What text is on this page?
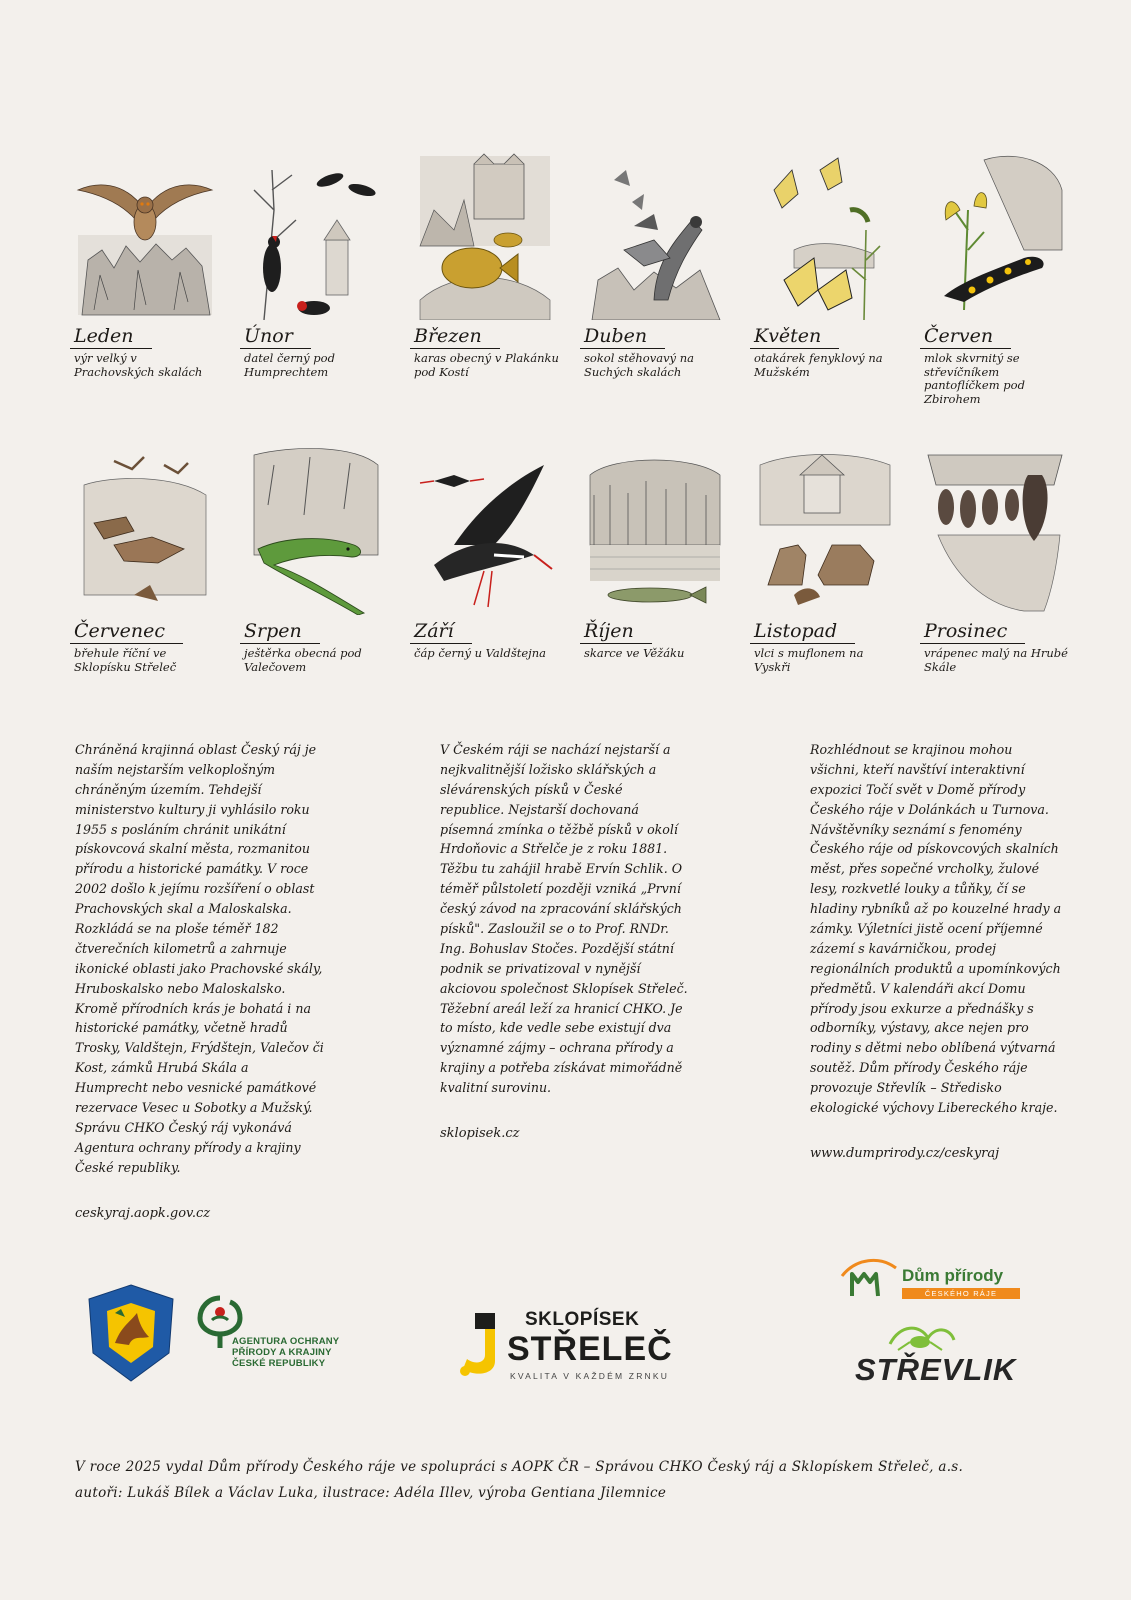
Leden
výr velký v Prachovských skalách
Únor
datel černý pod Humprechtem
Březen
karas obecný v Plakánku pod Kostí
Duben
sokol stěhovavý na Suchých skalách
Květen
otakárek fenyklový na Mužském
Červen
mlok skvrnitý se střevíčníkem pantoflíčkem pod Zbirohem
Červenec
břehule říční ve Sklopísku Střeleč
Srpen
ještěrka obecná pod Valečovem
Září
čáp černý u Valdštejna
Říjen
skarce ve Věžáku
Listopad
vlci s muflonem na Vyskři
Prosinec
vrápenec malý na Hrubé Skále

Chráněná krajinná oblast Český ráj je naším nejstarším velkoplošným chráněným územím. Tehdejší ministerstvo kultury ji vyhlásilo roku 1955 s posláním chránit unikátní pískovcová skalní města, rozmanitou přírodu a historické památky. V roce 2002 došlo k jejímu rozšíření o oblast Prachovských skal a Maloskalska. Rozkládá se na ploše téměř 182 čtverečních kilometrů a zahrnuje ikonické oblasti jako Prachovské skály, Hruboskalsko nebo Maloskalsko. Kromě přírodních krás je bohatá i na historické památky, včetně hradů Trosky, Valdštejn, Frýdštejn, Valečov či Kost, zámků Hrubá Skála a Humprecht nebo vesnické památkové rezervace Vesec u Sobotky a Mužský. Správu CHKO Český ráj vykonává Agentura ochrany přírody a krajiny České republiky.

ceskyraj.aopk.gov.cz

V Českém ráji se nachází nejstarší a nejkvalitnější ložisko sklářských a slévárenských písků v České republice. Nejstarší dochovaná písemná zmínka o těžbě písků v okolí Hrdoňovic a Střelče je z roku 1881. Těžbu tu zahájil hrabě Ervín Schlik. O téměř půlstoletí později vzniká „První český závod na zpracování sklářských písků". Zasloužil se o to Prof. RNDr. Ing. Bohuslav Stočes. Pozdější státní podnik se privatizoval v nynější akciovou společnost Sklopísek Střeleč. Těžební areál leží za hranicí CHKO. Je to místo, kde vedle sebe existují dva významné zájmy – ochrana přírody a krajiny a potřeba získávat mimořádně kvalitní surovinu.

sklopisek.cz

Rozhlédnout se krajinou mohou všichni, kteří navštíví interaktivní expozici Točí svět v Domě přírody Českého ráje v Dolánkách u Turnova. Návštěvníky seznámí s fenomény Českého ráje od pískovcových skalních měst, přes sopečné vrcholky, žulové lesy, rozkvetlé louky a tůňky, čí se hladiny rybníků až po kouzelné hrady a zámky. Výletníci jistě ocení příjemné zázemí s kavárničkou, prodej regionálních produktů a upomínkových předmětů. V kalendáři akcí Domu přírody jsou exkurze a přednášky s odborníky, výstavy, akce nejen pro rodiny s dětmi nebo oblíbená výtvarná soutěž. Dům přírody Českého ráje provozuje Střevlík – Středisko ekologické výchovy Libereckého kraje.

www.dumprirody.cz/ceskyraj
AGENTURA OCHRANY
PŘÍRODY A KRAJINY
ČESKÉ REPUBLIKY
SKLOPÍSEK
STŘELEČ
KVALITA V KAŽDÉM ZRNKU
Dům přírody
ČESKÉHO RÁJE
STŘEVLIK

V roce 2025 vydal Dům přírody Českého ráje ve spolupráci s AOPK ČR – Správou CHKO Český ráj a Sklopískem Střeleč, a.s.

autoři: Lukáš Bílek a Václav Luka, ilustrace: Adéla Illev, výroba Gentiana Jilemnice
